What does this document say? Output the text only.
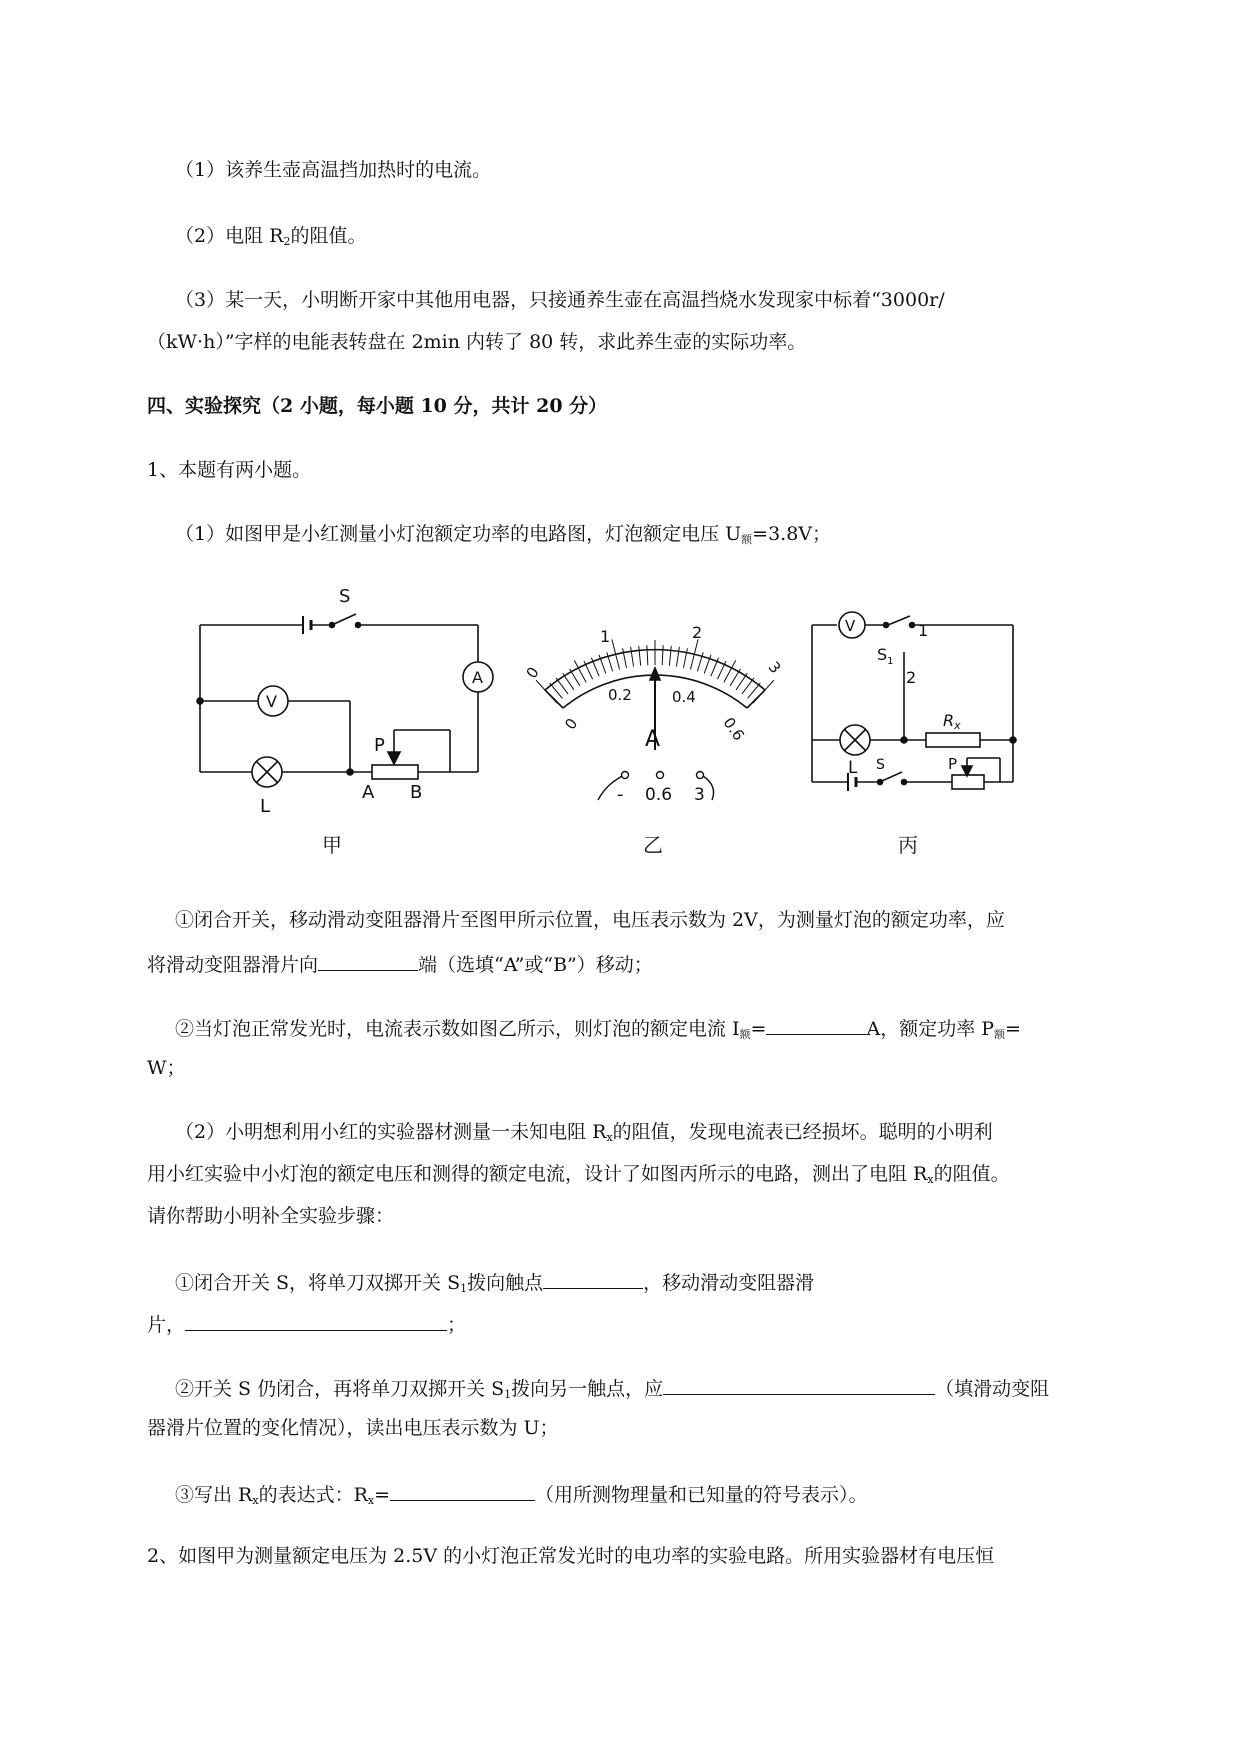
（1）该养生壶高温挡加热时的电流。
（2）电阻 $R_2$的阻值。
（3）某一天，小明断开家中其他用电器，只接通养生壶在高温挡烧水发现家中标着“3000r/
（kW·h）”字样的电能表转盘在 2min 内转了 80 转，求此养生壶的实际功率。
四、实验探究（2 小题，每小题 10 分，共计 20 分）
1、本题有两小题。
（1）如图甲是小红测量小灯泡额定功率的电路图，灯泡额定电压 $U_额=3.8V$；
S
A
V
P
L
A B
1	2
0	3
0
0.2	0.4
0.6
A
- 0.6 3
V
$S_1$
1
2
Rx
L S	P
甲	乙	丙
①闭合开关，移动滑动变阻器滑片至图甲所示位置，电压表示数为 2V，为测量灯泡的额定功率，应
将滑动变阻器滑片向	端（选填“A”或“B”）移动；
②当灯泡正常发光时，电流表示数如图乙所示，则灯泡的额定电流 $I_额=$	A，额定功率 $P_额=$
W；
（2）小明想利用小红的实验器材测量一未知电阻 $R_x$的阻值，发现电流表已经损坏。聪明的小明利
用小红实验中小灯泡的额定电压和测得的额定电流，设计了如图丙所示的电路，测出了电阻 $R_x$的阻值。
请你帮助小明补全实验步骤：
①闭合开关 S，将单刀双掷开关 $S_1$拨向触点	，移动滑动变阻器滑
片，	；
②开关 S 仍闭合，再将单刀双掷开关 $S_1$拨向另一触点，应	（填滑动变阻
器滑片位置的变化情况），读出电压表示数为 U；
③写出 $R_x$的表达式：$R_x=$	（用所测物理量和已知量的符号表示）。
2、如图甲为测量额定电压为 2.5V 的小灯泡正常发光时的电功率的实验电路。所用实验器材有电压恒
